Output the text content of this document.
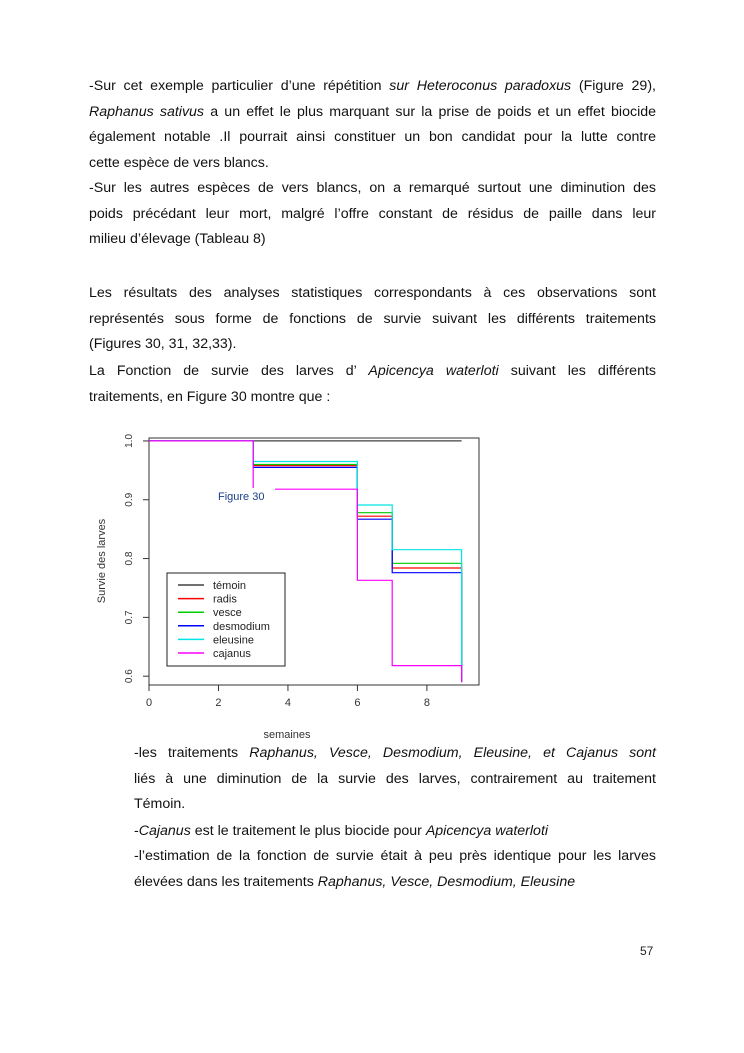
-Sur cet exemple particulier d’une répétition sur Heteroconus paradoxus (Figure 29),
Raphanus sativus a un effet le plus marquant sur la prise de poids et un effet biocide
également notable .Il pourrait ainsi constituer un bon candidat pour la lutte contre
cette espèce de vers blancs.
-Sur les autres espèces de vers blancs, on a remarqué surtout une diminution des
poids précédant leur mort, malgré l’offre constant de résidus de paille dans leur
milieu d’élevage (Tableau 8)
Les résultats des analyses statistiques correspondants à ces observations sont
représentés sous forme de fonctions de survie suivant les différents traitements
(Figures 30, 31, 32,33).
La Fonction de survie des larves d’ Apicencya waterloti suivant les différents
traitements, en Figure 30 montre que :
0	2	4	6	8
0.6
0.7
0.8
0.9
1.0
Figure 30
semaines
Survie des larves	témoin
radis
vesce
desmodium
eleusine
cajanus
-les traitements Raphanus, Vesce, Desmodium, Eleusine, et Cajanus sont
liés à une diminution de la survie des larves, contrairement au traitement
Témoin.
-Cajanus est le traitement le plus biocide pour Apicencya waterloti
-l’estimation de la fonction de survie était à peu près identique pour les larves
élevées dans les traitements Raphanus, Vesce, Desmodium, Eleusine
57
